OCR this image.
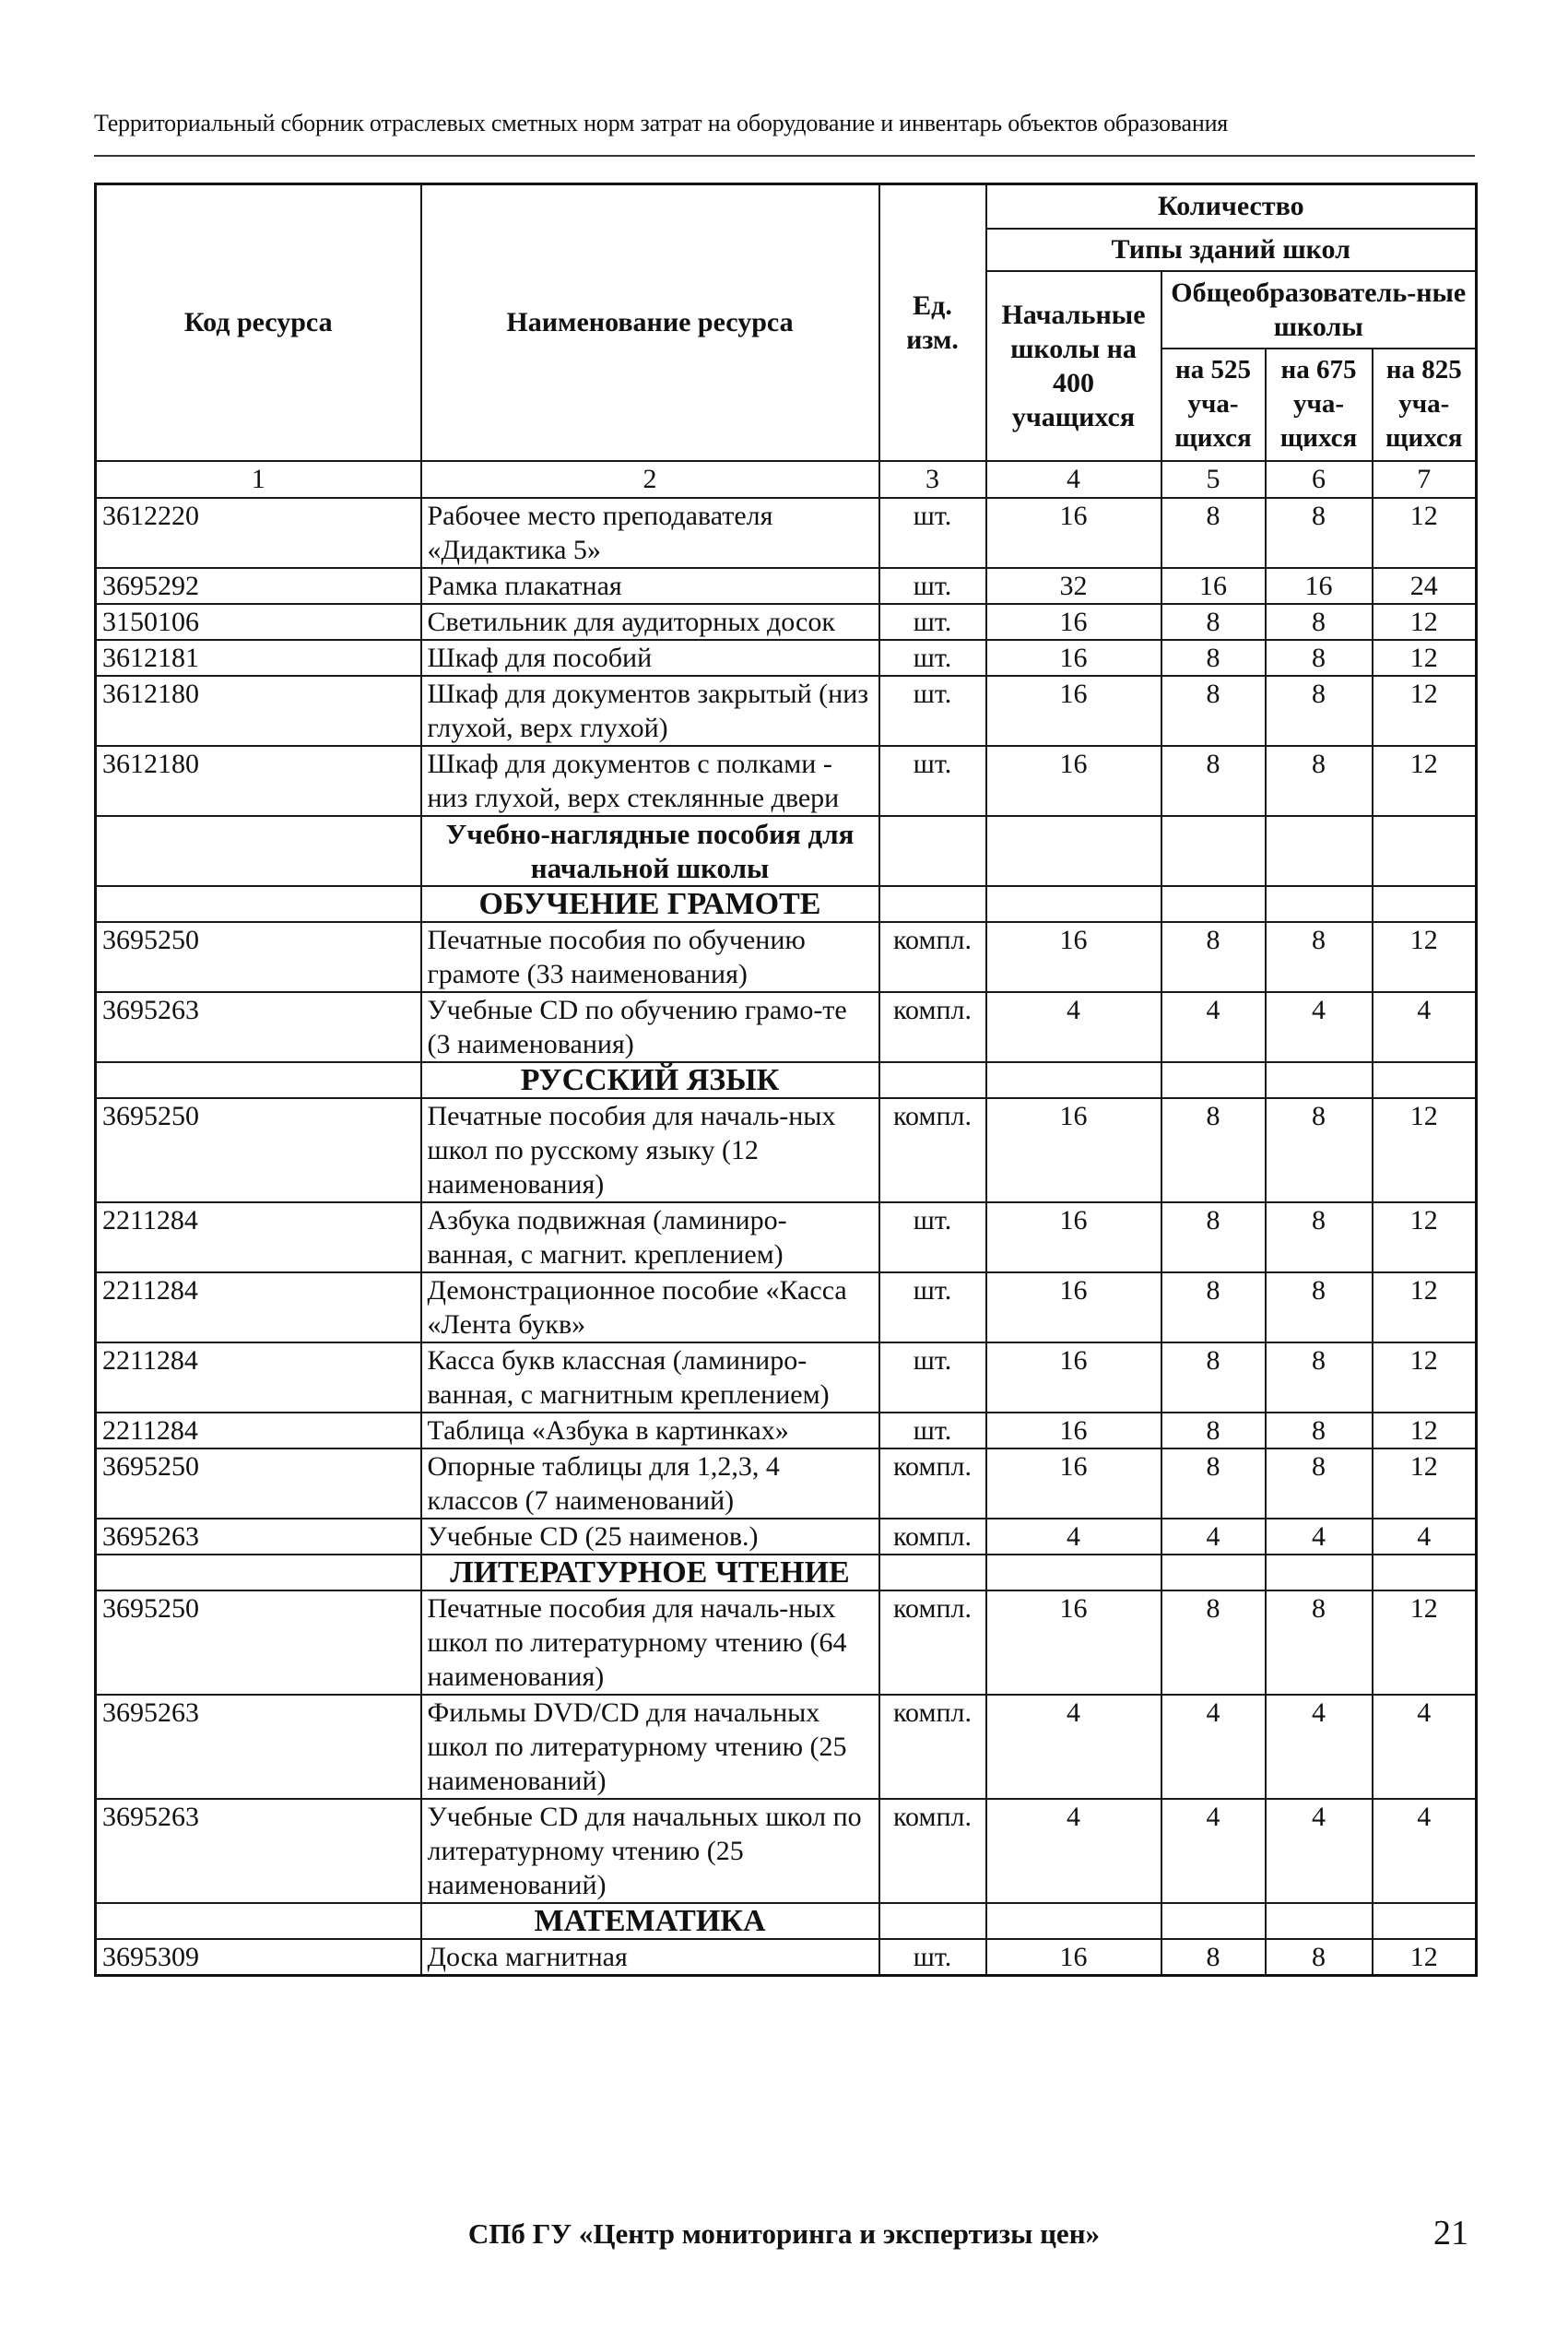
Территориальный сборник отраслевых сметных норм затрат на оборудование и инвентарь объектов образования
Код ресурса	Наименование ресурса	Ед. изм.	Количество			
			Типы зданий школ			
			Начальные школы на 400 учащихся	Общеобразователь-ные школы		
				на 525 уча-щихся	на 675 уча-щихся	на 825 уча-щихся
1	2	3	4	5	6	7
3612220	Рабочее место преподавателя «Дидактика 5»	шт.	16	8	8	12
3695292	Рамка плакатная	шт.	32	16	16	24
3150106	Светильник для аудиторных досок	шт.	16	8	8	12
3612181	Шкаф для пособий	шт.	16	8	8	12
3612180	Шкаф для документов закрытый (низ глухой, верх глухой)	шт.	16	8	8	12
3612180	Шкаф для документов с полками - низ глухой, верх стеклянные двери	шт.	16	8	8	12
	Учебно-наглядные пособия для начальной школы					
	ОБУЧЕНИЕ ГРАМОТЕ					
3695250	Печатные пособия по обучению грамоте (33 наименования)	компл.	16	8	8	12
3695263	Учебные CD по обучению грамо-те (3 наименования)	компл.	4	4	4	4
	РУССКИЙ ЯЗЫК					
3695250	Печатные пособия для началь-ных школ по русскому языку (12 наименования)	компл.	16	8	8	12
2211284	Азбука подвижная (ламиниро-ванная, с магнит. креплением)	шт.	16	8	8	12
2211284	Демонстрационное пособие «Касса «Лента букв»	шт.	16	8	8	12
2211284	Касса букв классная (ламиниро-ванная, с магнитным креплением)	шт.	16	8	8	12
2211284	Таблица «Азбука в картинках»	шт.	16	8	8	12
3695250	Опорные таблицы для 1,2,3, 4 классов (7 наименований)	компл.	16	8	8	12
3695263	Учебные CD (25 наименов.)	компл.	4	4	4	4
	ЛИТЕРАТУРНОЕ ЧТЕНИЕ					
3695250	Печатные пособия для началь-ных школ по литературному чтению (64 наименования)	компл.	16	8	8	12
3695263	Фильмы DVD/CD для начальных школ по литературному чтению (25 наименований)	компл.	4	4	4	4
3695263	Учебные CD для начальных школ по литературному чтению (25 наименований)	компл.	4	4	4	4
	МАТЕМАТИКА					
3695309	Доска магнитная	шт.	16	8	8	12
СПб ГУ «Центр мониторинга и экспертизы цен»	21
